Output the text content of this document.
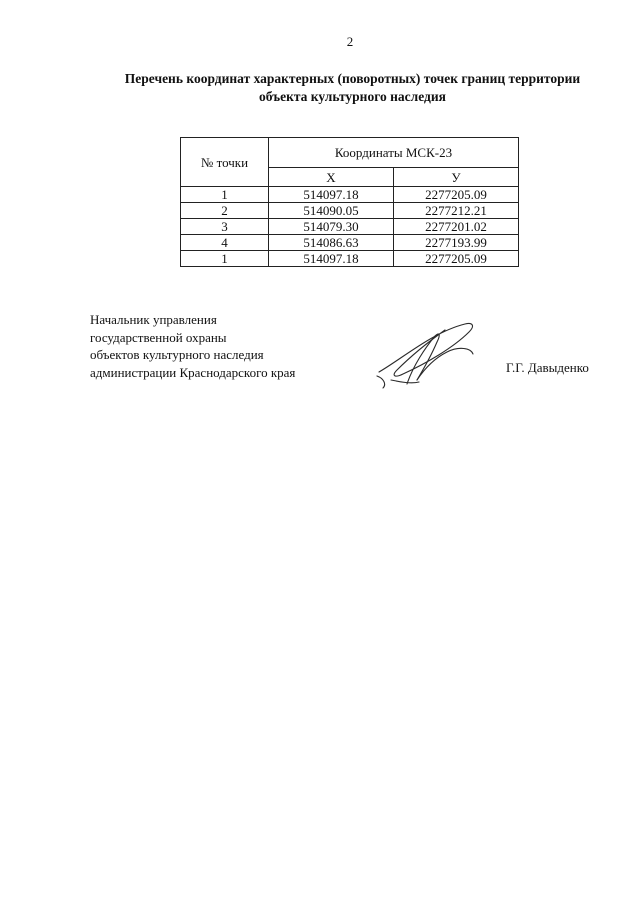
2
Перечень координат характерных (поворотных) точек границ территории
объекта культурного наследия
№ точки	Координаты МСК-23	
	Х	У
1	514097.18	2277205.09
2	514090.05	2277212.21
3	514079.30	2277201.02
4	514086.63	2277193.99
1	514097.18	2277205.09
Начальник управления
государственной охраны
объектов культурного наследия
администрации Краснодарского края	Г.Г. Давыденко
